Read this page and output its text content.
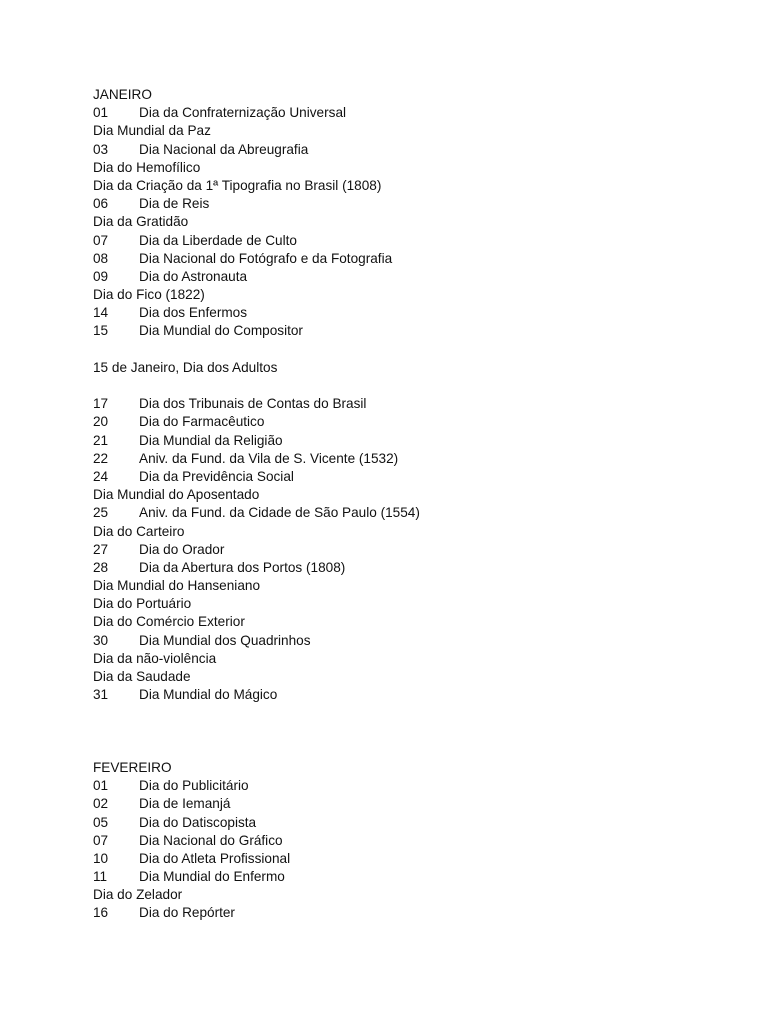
JANEIRO
01 Dia da Confraternização Universal
Dia Mundial da Paz
03 Dia Nacional da Abreugrafia
Dia do Hemofílico
Dia da Criação da 1ª Tipografia no Brasil (1808)
06 Dia de Reis
Dia da Gratidão
07 Dia da Liberdade de Culto
08 Dia Nacional do Fotógrafo e da Fotografia
09 Dia do Astronauta
Dia do Fico (1822)
14 Dia dos Enfermos
15 Dia Mundial do Compositor
15 de Janeiro, Dia dos Adultos
17 Dia dos Tribunais de Contas do Brasil
20 Dia do Farmacêutico
21 Dia Mundial da Religião
22 Aniv. da Fund. da Vila de S. Vicente (1532)
24 Dia da Previdência Social
Dia Mundial do Aposentado
25 Aniv. da Fund. da Cidade de São Paulo (1554)
Dia do Carteiro
27 Dia do Orador
28 Dia da Abertura dos Portos (1808)
Dia Mundial do Hanseniano
Dia do Portuário
Dia do Comércio Exterior
30 Dia Mundial dos Quadrinhos
Dia da não-violência
Dia da Saudade
31 Dia Mundial do Mágico
FEVEREIRO
01 Dia do Publicitário
02 Dia de Iemanjá
05 Dia do Datiscopista
07 Dia Nacional do Gráfico
10 Dia do Atleta Profissional
11 Dia Mundial do Enfermo
Dia do Zelador
16 Dia do Repórter
